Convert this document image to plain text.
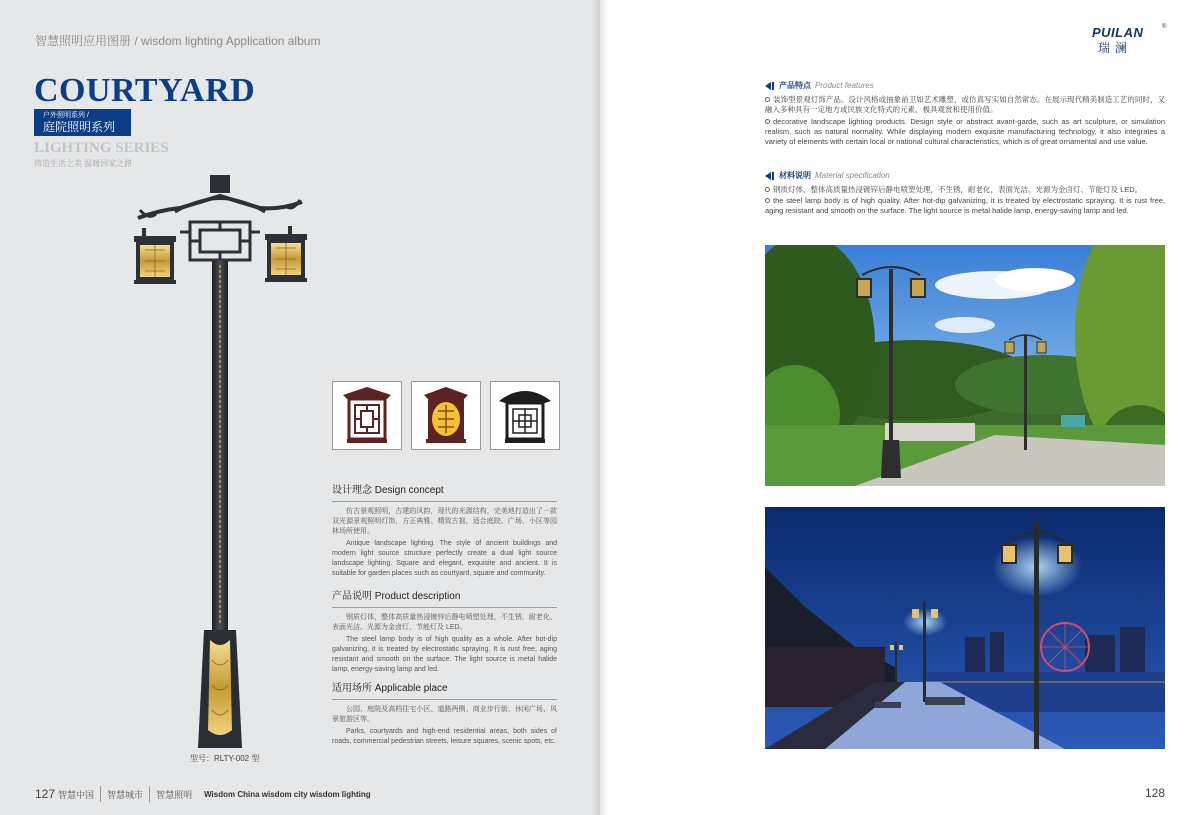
智慧照明应用图册 / wisdom lighting Application album
COURTYARD
户外照明系列 /
庭院照明系列
LIGHTING SERIES
铸造生活之美 温暖回家之路
型号：RLTY-002 型
设计理念 Design concept
仿古景观照明，古建的风韵，现代的光源结构，完美地打造出了一款双光源景观照明灯饰，方正典雅、精致古拙，适合庭院、广场、小区等园林场所使用。
Antique landscape lighting. The style of ancient buildings and modern light source structure perfectly create a dual light source landscape lighting. Square and elegant, exquisite and ancient. It is suitable for garden places such as courtyard, square and community.
产品说明 Product description
钢质灯体，整体高质量热浸镀锌后静电喷塑处理，不生锈，耐老化，表面光洁。光源为金卤灯、节能灯及 LED。
The steel lamp body is of high quality as a whole. After hot-dip galvanizing, it is treated by electrostatic spraying. It is rust free, aging resistant and smooth on the surface. The light source is metal halide lamp, energy-saving lamp and led.
适用场所 Applicable place
公园、庭院及高档住宅小区、道路两侧、商业步行街、休闲广场、风景旅游区等。
Parks, courtyards and high-end residential areas, both sides of roads, commercial pedestrian streets, leisure squares, scenic spots, etc.
127 智慧中国 智慧城市 智慧照明 Wisdom China wisdom city wisdom lighting
PUILAN	®
瑞澜
产品特点 Product features
装饰型景观灯饰产品。设计风格或抽象前卫如艺术雕塑，或仿真写实如自然常态。在展示现代精美制造工艺的同时，又融入多种具有一定地方或民族文化特式的元素，极具观赏和使用价值。
decorative landscape lighting products. Design style or abstract avant-garde, such as art sculpture, or simulation realism, such as natural normality. While displaying modern exquisite manufacturing technology, it also integrates a variety of elements with certain local or national cultural characteristics, which is of great ornamental and use value.
材料说明 Material specification
钢质灯体，整体高质量热浸镀锌后静电喷塑处理，不生锈，耐老化，表面光洁。光源为金卤灯、节能灯及 LED。
the steel lamp body is of high quality. After hot-dip galvanizing, it is treated by electrostatic spraying. It is rust free, aging resistant and smooth on the surface. The light source is metal halide lamp, energy-saving lamp and led.
128
